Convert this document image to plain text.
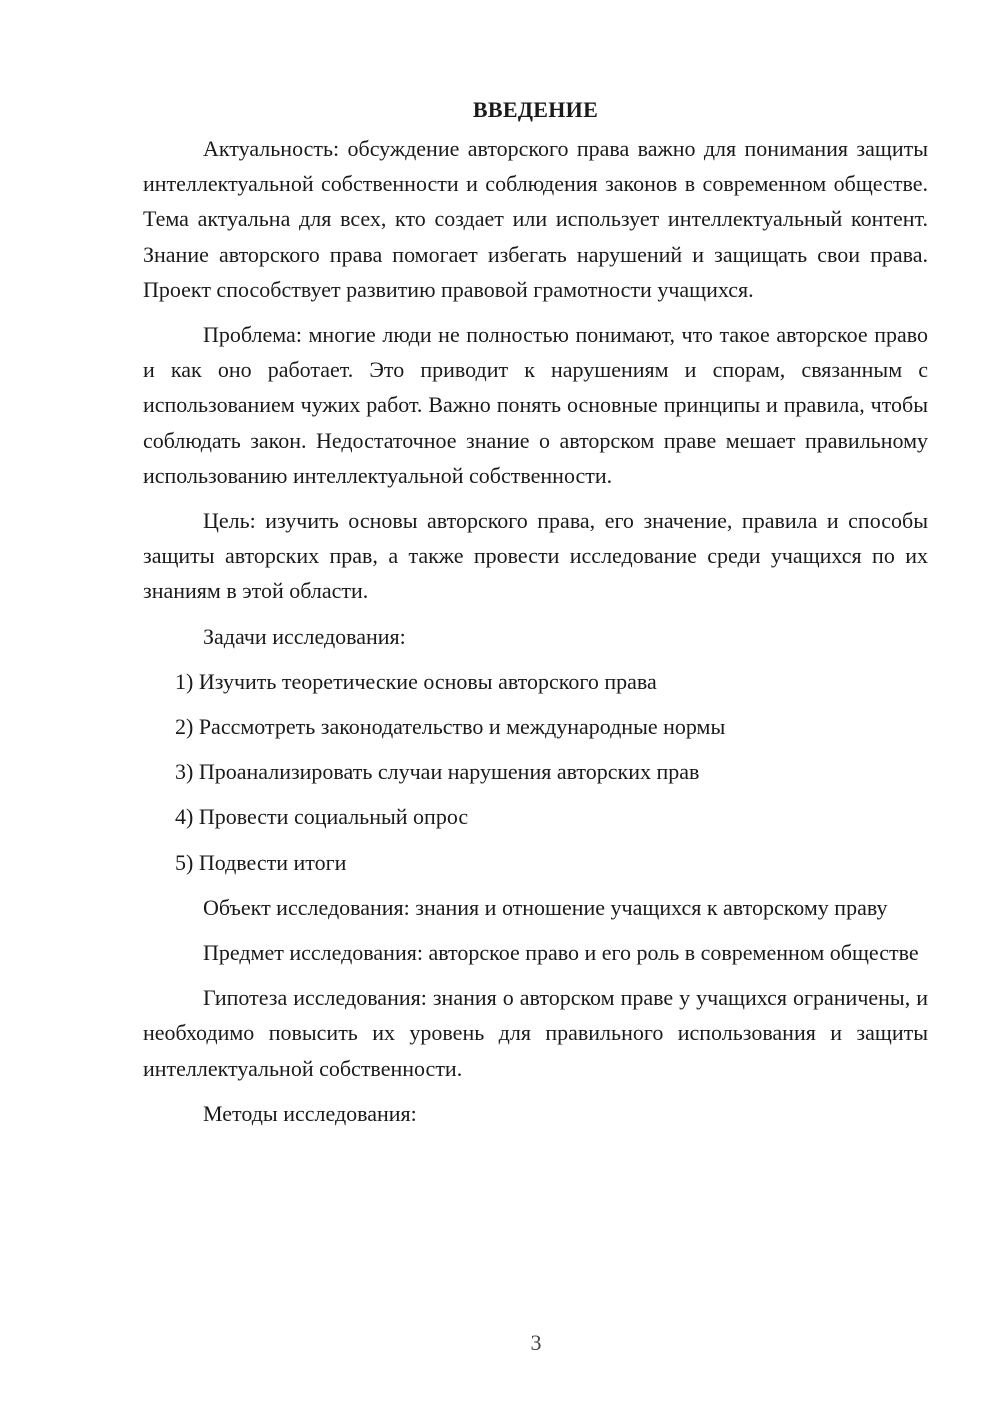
ВВЕДЕНИЕ

Актуальность: обсуждение авторского права важно для понимания защиты интеллектуальной собственности и соблюдения законов в современном обществе. Тема актуальна для всех, кто создает или использует интеллектуальный контент. Знание авторского права помогает избегать нарушений и защищать свои права. Проект способствует развитию правовой грамотности учащихся.

Проблема: многие люди не полностью понимают, что такое авторское право и как оно работает. Это приводит к нарушениям и спорам, связанным с использованием чужих работ. Важно понять основные принципы и правила, чтобы соблюдать закон. Недостаточное знание о авторском праве мешает правильному использованию интеллектуальной собственности.

Цель: изучить основы авторского права, его значение, правила и способы защиты авторских прав, а также провести исследование среди учащихся по их знаниям в этой области.

Задачи исследования:

1) Изучить теоретические основы авторского права
2) Рассмотреть законодательство и международные нормы
3) Проанализировать случаи нарушения авторских прав
4) Провести социальный опрос
5) Подвести итоги

Объект исследования: знания и отношение учащихся к авторскому праву

Предмет исследования: авторское право и его роль в современном обществе

Гипотеза исследования: знания о авторском праве у учащихся ограничены, и необходимо повысить их уровень для правильного использования и защиты интеллектуальной собственности.

Методы исследования:

3
